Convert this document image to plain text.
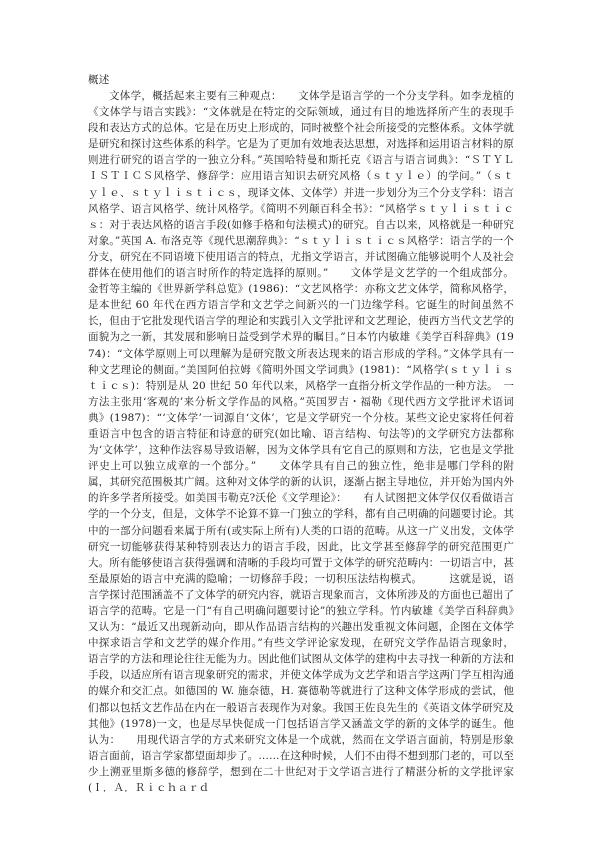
概述

文体学，概括起来主要有三种观点：　　文体学是语言学的一个分支学科。如李龙植的《文体学与语言实践》：“文体就是在特定的交际领域，通过有目的地选择所产生的表现手段和表达方式的总体。它是在历史上形成的，同时被整个社会所接受的完整体系。文体学就是研究和探讨这些体系的科学。它是为了更加有效地表达思想，对选择和运用语言材料的原则进行研究的语言学的一独立分科。”英国哈特曼和斯托克《语言与语言词典》：“ＳＴＹＬＩＳＴＩＣＳ风格学、修辞学：应用语言知识去研究风格（ｓｔｙｌｅ）的学问。”（ｓｔｙｌｅ、ｓｔｙｌｉｓｔｉｃｓ，现译文体、文体学）并进一步划分为三个分支学科：语言风格学、语言风格学、统计风格学。《简明不列颠百科全书》：“风格学ｓｔｙｌｉｓｔｉｃｓ：对于表达风格的语言手段(如修手格和句法模式)的研究。自古以来，风格就是一种研究对象。”英国 A. 布洛克等《现代思潮辞典》：“ｓｔｙｌｉｓｔｉｃｓ风格学：语言学的一个分支，研究在不同语境下使用语言的特点，尤指文学语言，并试图确立能够说明个人及社会群体在使用他们的语言时所作的特定选择的原则。”　　文体学是文艺学的一个组成部分。金哲等主编的《世界新学科总览》(1986)：“文艺风格学：亦称文艺文体学，简称风格学，是本世纪 60 年代在西方语言学和文艺学之间新兴的一门边缘学科。它诞生的时间虽然不长，但由于它批发现代语言学的理论和实践引入文学批评和文艺理论，使西方当代文艺学的面貌为之一新，其发展和影响日益受到学术界的瞩目。”日本竹内敏雄《美学百科辞典》(1974)：“文体学原则上可以理解为是研究散文所表达现来的语言形成的学科。”文体学具有一种文艺理论的侧面。”美国阿伯拉姆《简明外国文学词典》(1981)：“风格学(ｓｔｙｌｉｓｔｉｃｓ)：特别是从 20 世纪 50 年代以来，风格学一直指分析文学作品的一种方法。　一方法主张用‘客观的’来分析文学作品的风格。”英国罗吉・福勒《现代西方文学批评术语词典》(1987)：“‘文体学’一词源自‘文体’，它是文学研究一个分枝。某些文论史家将任何着重语言中包含的语言特征和诗意的研究(如比喻、语言结构、句法等)的文学研究方法都称为‘文体学’，这种作法容易导致语解，因为文体学具有它自己的原则和方法，它也是文学批评史上可以独立成章的一个部分。”　　文体学具有自己的独立性，绝非是哪门学科的附属，其研究范围极其广阔。这种对文体学的新的认识，逐渐占据主导地位，并开始为国内外的许多学者所接受。如美国韦勒克?沃伦《文学理论》：　　有人试图把文体学仅仅看做语言学的一个分支，但是，文体学不论算不算一门独立的学科，都有自己明确的问题要讨论。其中的一部分问题看来属于所有(或实际上所有)人类的口语的范畴。从这一广义出发，文体学研究一切能够获得某种特别表达力的语言手段，因此，比文学甚至修辞学的研究范围更广大。所有能够使语言获得强调和清晰的手段均可置于文体学的研究范畴内：一切语言中，甚至最原始的语言中充满的隐喻；一切修辞手段；一切积压法结构模式。　　　这就是说，语言学探讨范围涵盖不了文体学的研究内容，就语言现象而言，文体所涉及的方面也已超出了语言学的范畴。它是一门“有自己明确问题要讨论”的独立学科。竹内敏雄《美学百科辞典》又认为：“最近又出现新动向，即从作品语言结构的兴趣出发重视文体问题，企图在文体学中探求语言学和文艺学的媒介作用。”有些文学评论家发现，在研究文学作品语言现象时，语言学的方法和理论往往无能为力。因此他们试图从文体学的建构中去寻找一种新的方法和手段，以适应所有语言现象研究的需求，并使文体学成为文艺学和语言学这两门学互相沟通的媒介和交汇点。如德国的 W. 施奈德，H. 赛德勒等就进行了这种文体学形成的尝试，他们都以包括文艺作品在内在一般语言表现作为对象。我国王佐良先生的《英语文体学研究及其他》(1978)一文，也是尽早快促成一门包括语言学又涵盖文学的新的文体学的诞生。他认为：　　用现代语言学的方式来研究文体是一个成就，然而在文学语言面前，特别是形象语言面前，语言学家都望面却步了。……在这种时候，人们不由得不想到那门老的，可以至少上溯亚里斯多德的修辞学，想到在二十世纪对于文学语言进行了精湛分析的文学批评家(Ｉ．Ａ．Ｒｉｃｈａｒｄ
